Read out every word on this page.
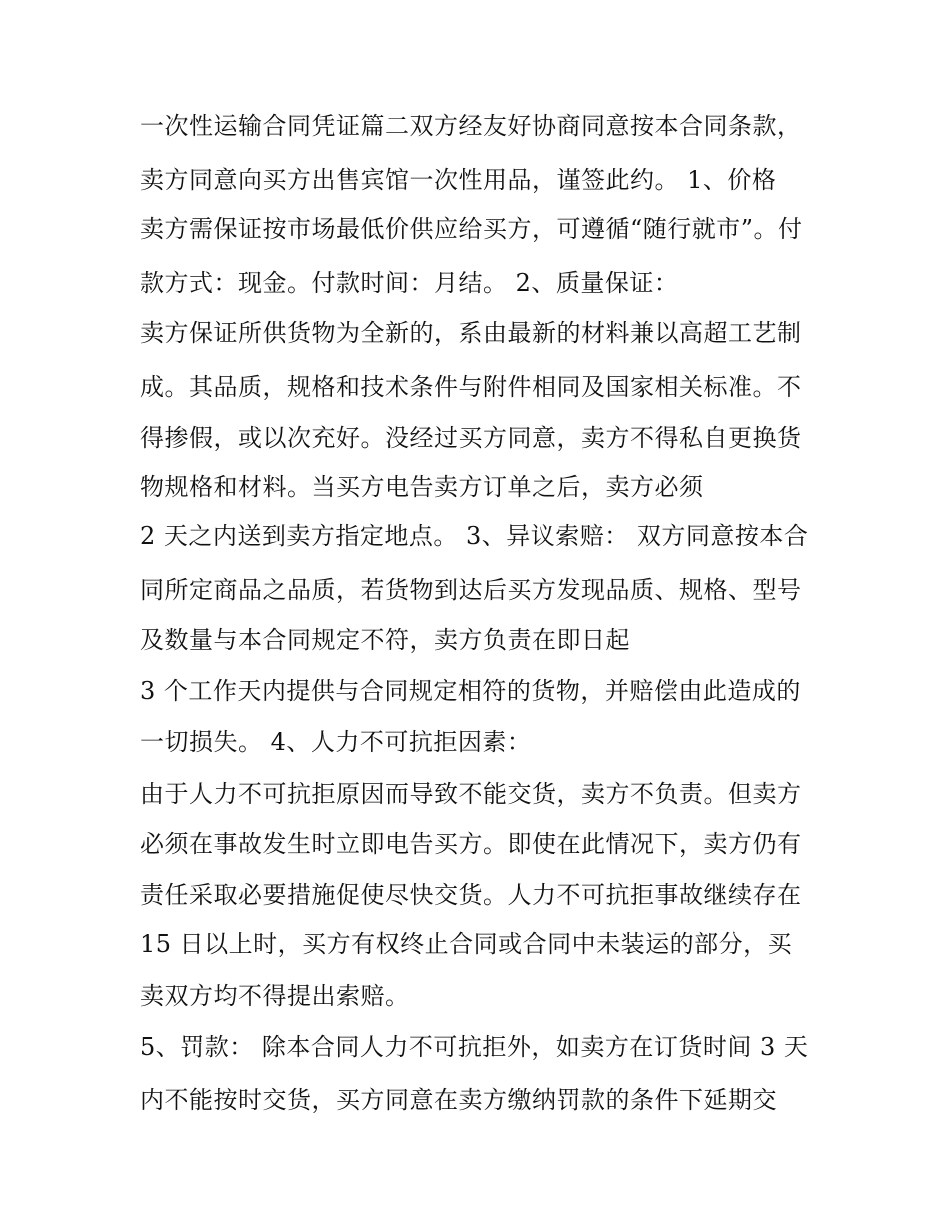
一次性运输合同凭证篇二双方经友好协商同意按本合同条款，
卖方同意向买方出售宾馆一次性用品，谨签此约。 1、价格
卖方需保证按市场最低价供应给买方，可遵循“随行就市”。付
款方式：现金。付款时间：月结。 2、质量保证：
卖方保证所供货物为全新的，系由最新的材料兼以高超工艺制
成。其品质，规格和技术条件与附件相同及国家相关标准。不
得掺假，或以次充好。没经过买方同意，卖方不得私自更换货
物规格和材料。当买方电告卖方订单之后，卖方必须
2 天之内送到卖方指定地点。 3、异议索赔： 双方同意按本合
同所定商品之品质，若货物到达后买方发现品质、规格、型号
及数量与本合同规定不符，卖方负责在即日起
3 个工作天内提供与合同规定相符的货物，并赔偿由此造成的
一切损失。 4、人力不可抗拒因素：
由于人力不可抗拒原因而导致不能交货，卖方不负责。但卖方
必须在事故发生时立即电告买方。即使在此情况下，卖方仍有
责任采取必要措施促使尽快交货。人力不可抗拒事故继续存在
15 日以上时，买方有权终止合同或合同中未装运的部分，买
卖双方均不得提出索赔。
5、罚款： 除本合同人力不可抗拒外，如卖方在订货时间 3 天
内不能按时交货，买方同意在卖方缴纳罚款的条件下延期交
